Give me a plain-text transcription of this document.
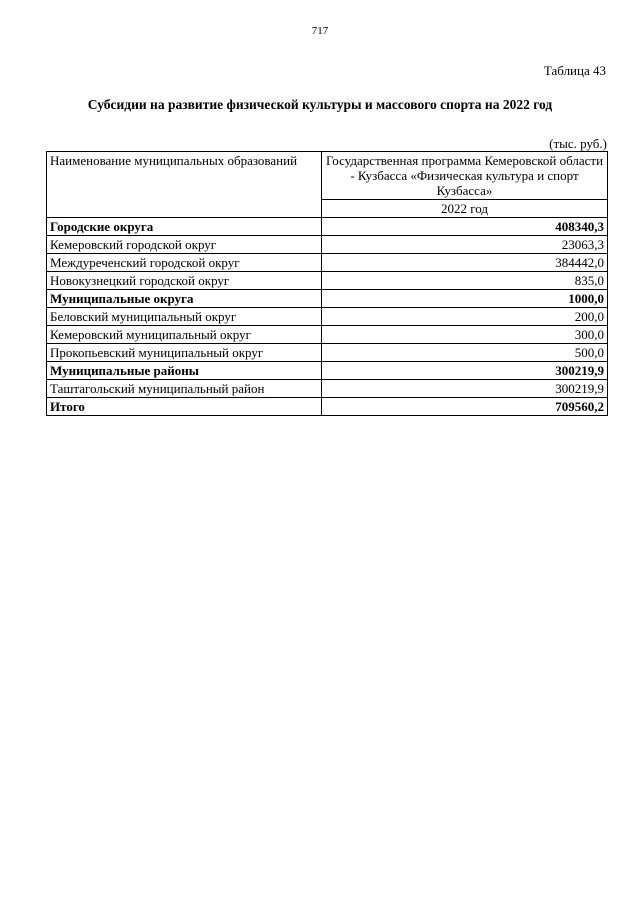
717
Таблица 43
Субсидии на развитие физической культуры и массового спорта на 2022 год
(тыс. руб.)
Наименование муниципальных образований	Государственная программа Кемеровской области - Кузбасса «Физическая культура и спорт Кузбасса»
	2022 год
Городские округа	408340,3
Кемеровский городской округ	23063,3
Междуреченский городской округ	384442,0
Новокузнецкий городской округ	835,0
Муниципальные округа	1000,0
Беловский муниципальный округ	200,0
Кемеровский муниципальный округ	300,0
Прокопьевский муниципальный округ	500,0
Муниципальные районы	300219,9
Таштагольский муниципальный район	300219,9
Итого	709560,2
